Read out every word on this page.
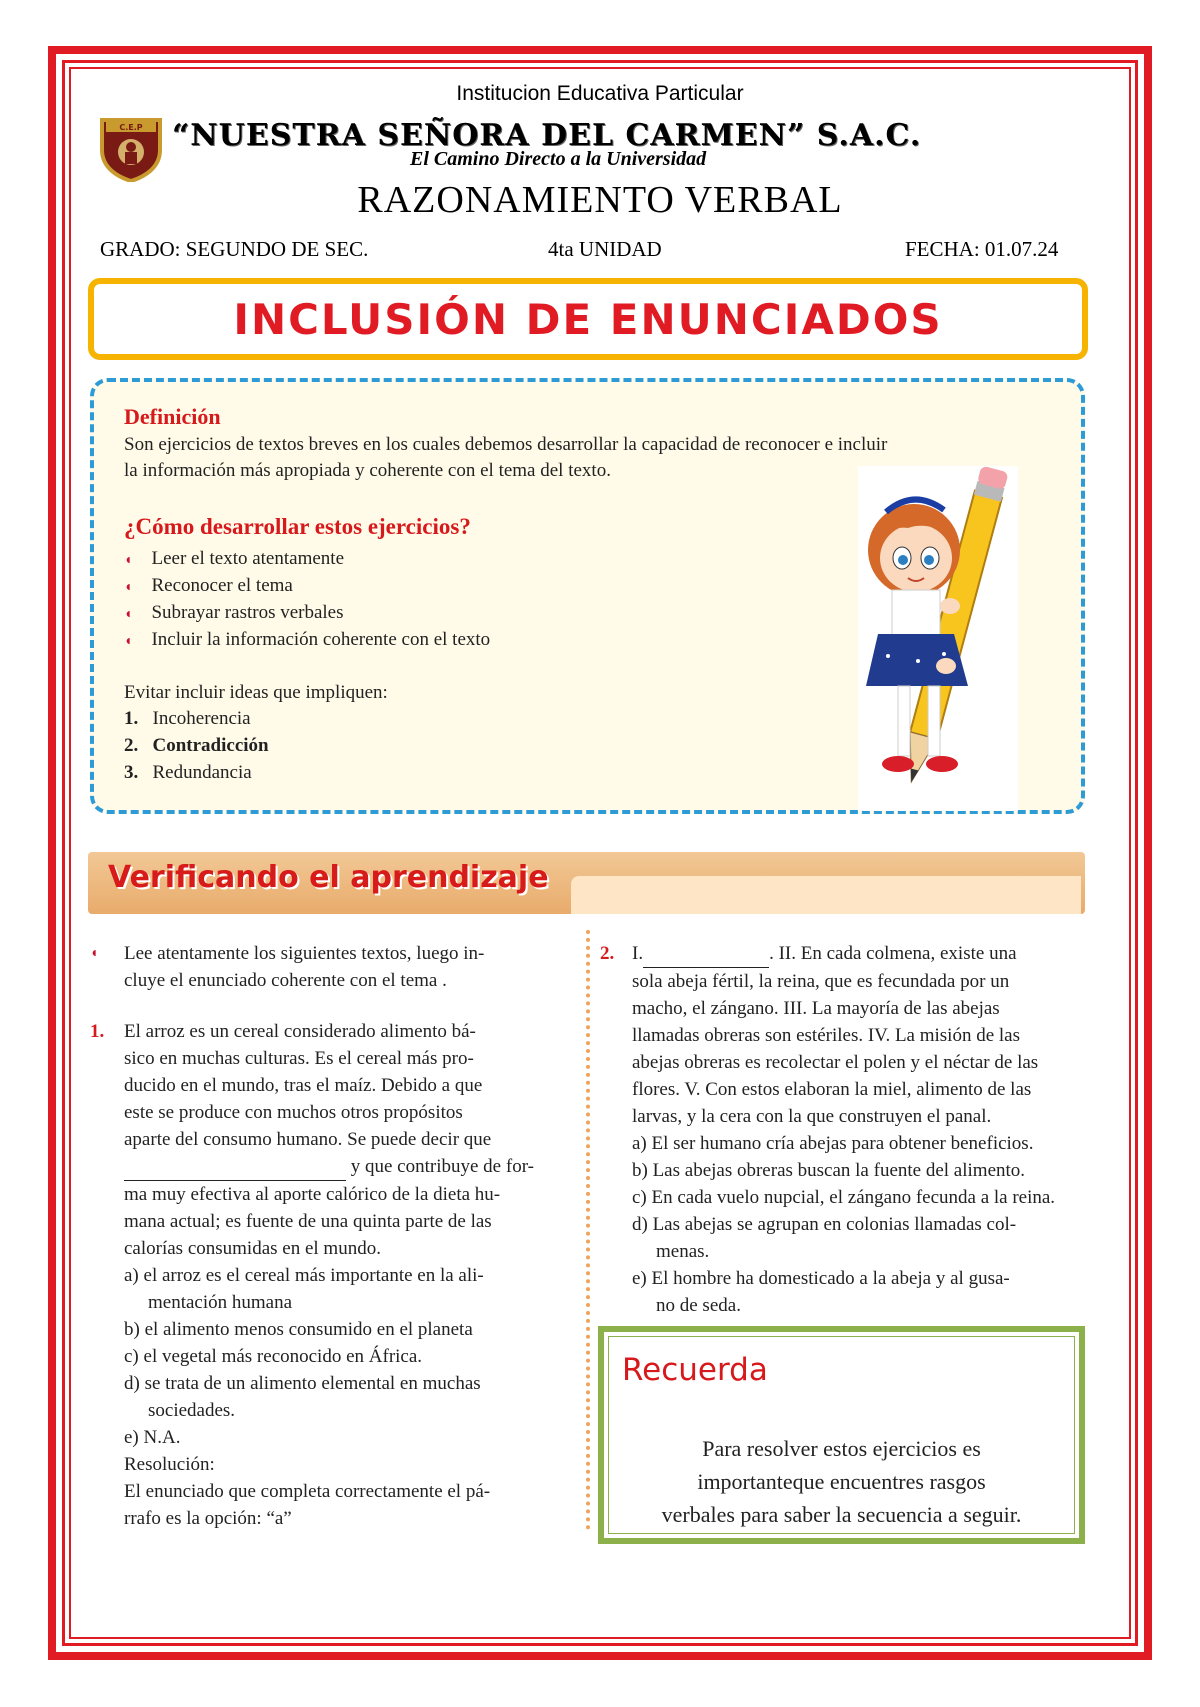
Institucion Educativa Particular
C.E.P “NUESTRA SEÑORA DEL CARMEN” S.A.C.
El Camino Directo a la Universidad
RAZONAMIENTO VERBAL
GRADO: SEGUNDO DE SEC.	4ta UNIDAD	FECHA: 01.07.24
INCLUSIÓN DE ENUNCIADOS
Definición
Son ejercicios de textos breves en los cuales debemos desarrollar la capacidad de reconocer e incluir
la información más apropiada y coherente con el tema del texto.
¿Cómo desarrollar estos ejercicios?
◖ Leer el texto atentamente
◖ Reconocer el tema
◖ Subrayar rastros verbales
◖ Incluir la información coherente con el texto
Evitar incluir ideas que impliquen:
1. Incoherencia
2. Contradicción
3. Redundancia
Verificando el aprendizaje
◖ Lee atentamente los siguientes textos, luego in-

cluye el enunciado coherente con el tema .

1. El arroz es un cereal considerado alimento bá-

sico en muchas culturas. Es el cereal más pro-

ducido en el mundo, tras el maíz. Debido a que

este se produce con muchos otros propósitos

aparte del consumo humano. Se puede decir que

y que contribuye de for-

ma muy efectiva al aporte calórico de la dieta hu-

mana actual; es fuente de una quinta parte de las

calorías consumidas en el mundo.

a) el arroz es el cereal más importante en la ali-

mentación humana

b) el alimento menos consumido en el planeta

c) el vegetal más reconocido en África.

d) se trata de un alimento elemental en muchas

sociedades.

e) N.A.

Resolución:

El enunciado que completa correctamente el pá-

rrafo es la opción: “a”

2. I.	. II. En cada colmena, existe una

sola abeja fértil, la reina, que es fecundada por un

macho, el zángano. III. La mayoría de las abejas

llamadas obreras son estériles. IV. La misión de las

abejas obreras es recolectar el polen y el néctar de las

flores. V. Con estos elaboran la miel, alimento de las

larvas, y la cera con la que construyen el panal.

a) El ser humano cría abejas para obtener beneficios.

b) Las abejas obreras buscan la fuente del alimento.

c) En cada vuelo nupcial, el zángano fecunda a la reina.

d) Las abejas se agrupan en colonias llamadas col-

menas.

e) El hombre ha domesticado a la abeja y al gusa-

no de seda.

Recuerda
Para resolver estos ejercicios es
importanteque encuentres rasgos
verbales para saber la secuencia a seguir.
